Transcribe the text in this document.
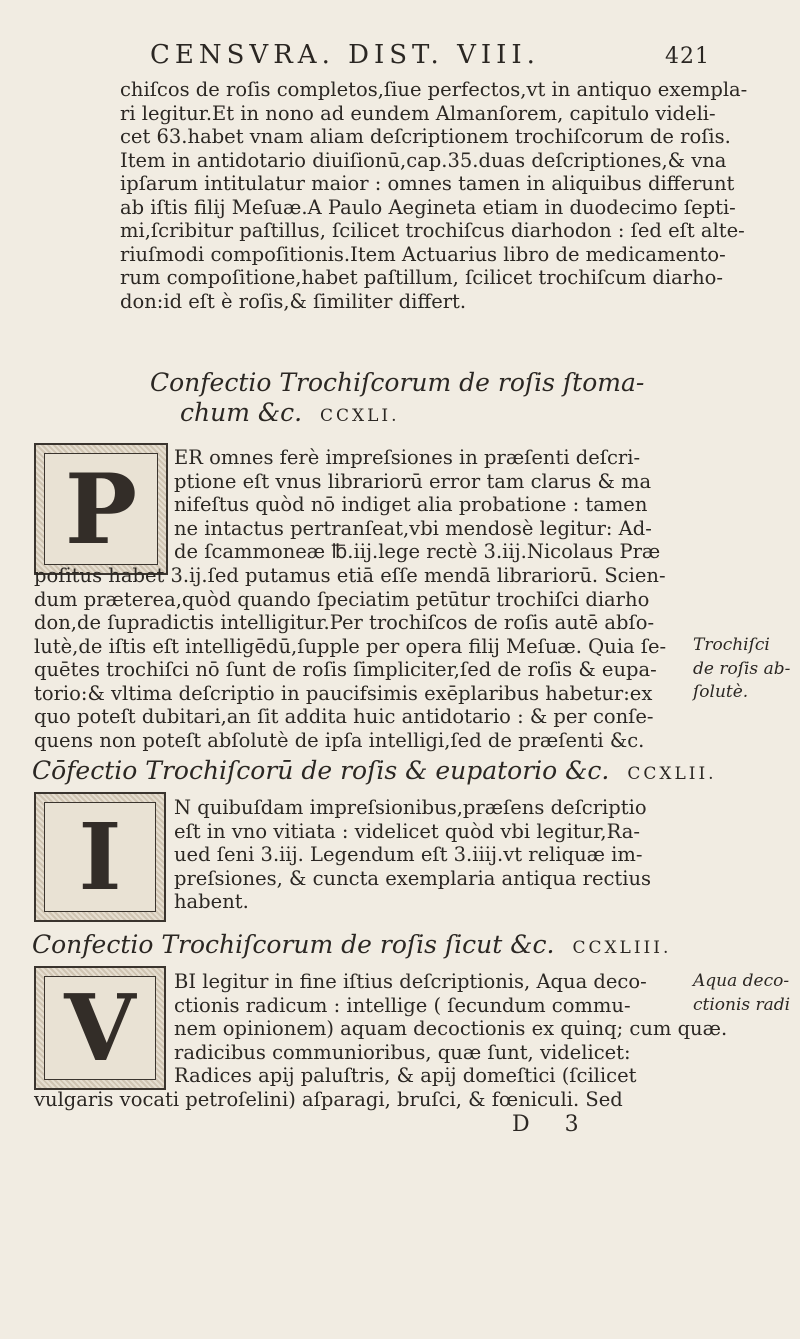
CENSVRA. DIST. VIII.	421
chiſcos de roſis completos,ſiue perfectos,vt in antiquo exempla-
ri legitur.Et in nono ad eundem Almanſorem, capitulo videli-
cet 63.habet vnam aliam deſcriptionem trochiſcorum de roſis.
Item in antidotario diuiſionū,cap.35.duas deſcriptiones,& vna
ipſarum intitulatur maior : omnes tamen in aliquibus differunt
ab iſtis filij Meſuæ.A Paulo Aegineta etiam in duodecimo ſepti-
mi,ſcribitur paſtillus, ſcilicet trochiſcus diarhodon : ſed eſt alte-
riuſmodi compoſitionis.Item Actuarius libro de medicamento-
rum compoſitione,habet paſtillum, ſcilicet trochiſcum diarho-
don:id eſt è roſis,& ſimiliter differt.
Confectio Trochiſcorum de roſis ſtoma-
chum &c. CCXLI.
P	ER omnes ferè impreſsiones in præſenti deſcri-
ptione eſt vnus librariorū error tam clarus & ma
nifeſtus quòd nō indiget alia probatione : tamen
ne intactus pertranſeat,vbi mendosè legitur: Ad-
de ſcammoneæ ℔.iij.lege rectè 3.iij.Nicolaus Præ
poſitus habet 3.ij.ſed putamus etiā eſſe mendā librariorū. Scien-
dum præterea,quòd quando ſpeciatim petūtur trochiſci diarho
don,de ſupradictis intelligitur.Per trochiſcos de roſis autē abſo-
lutè,de iſtis eſt intelligēdū,ſupple per opera filij Meſuæ. Quia ſe-
quētes trochiſci nō ſunt de roſis ſimpliciter,ſed de roſis & eupa-
torio:& vltima deſcriptio in paucifsimis exēplaribus habetur:ex
quo poteſt dubitari,an ſit addita huic antidotario : & per conſe-
quens non poteſt abſolutè de ipſa intelligi,ſed de præſenti &c.
Trochiſci
de roſis ab-
ſolutè.
Cōfectio Trochiſcorū de roſis & eupatorio &c. CCXLII.
I	N quibuſdam impreſsionibus,præſens deſcriptio
eſt in vno vitiata : videlicet quòd vbi legitur,Ra-
ued ſeni 3.iij. Legendum eſt 3.iiij.vt reliquæ im-
preſsiones, & cuncta exemplaria antiqua rectius
habent.
Confectio Trochiſcorum de roſis ſicut &c. CCXLIII.
V	BI legitur in fine iſtius deſcriptionis, Aqua deco-
ctionis radicum : intellige ( ſecundum commu-
nem opinionem) aquam decoctionis ex quinq; cum quæ.
radicibus communioribus, quæ ſunt, videlicet:
Radices apij paluſtris, & apij domeſtici (ſcilicet
vulgaris vocati petroſelini) aſparagi, bruſci, & fœniculi. Sed
Aqua deco-
ctionis radi
D 3
